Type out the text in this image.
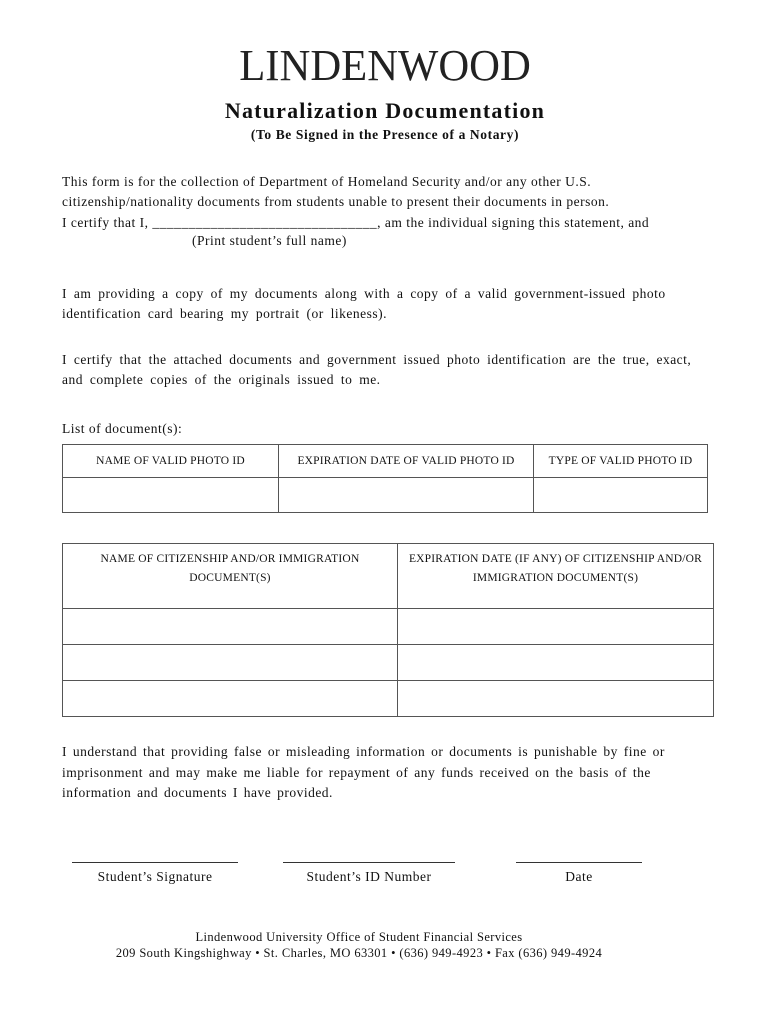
LINDENWOOD
Naturalization Documentation
(To Be Signed in the Presence of a Notary)

This form is for the collection of Department of Homeland Security and/or any other U.S. citizenship/nationality documents from students unable to present their documents in person.

I certify that I, _______________________________, am the individual signing this statement, and
(Print student’s full name)

I am providing a copy of my documents along with a copy of a valid government-issued photo identification card bearing my portrait (or likeness).

I certify that the attached documents and government issued photo identification are the true, exact, and complete copies of the originals issued to me.

List of document(s):
NAME OF VALID PHOTO ID	EXPIRATION DATE OF VALID PHOTO ID	TYPE OF VALID PHOTO ID

NAME OF CITIZENSHIP AND/OR IMMIGRATION
DOCUMENT(S)	EXPIRATION DATE (IF ANY) OF CITIZENSHIP AND/OR
IMMIGRATION DOCUMENT(S)

I understand that providing false or misleading information or documents is punishable by fine or imprisonment and may make me liable for repayment of any funds received on the basis of the information and documents I have provided.

Student’s Signature	Student’s ID Number	Date
Lindenwood University Office of Student Financial Services
209 South Kingshighway • St. Charles, MO 63301 • (636) 949-4923 • Fax (636) 949-4924
